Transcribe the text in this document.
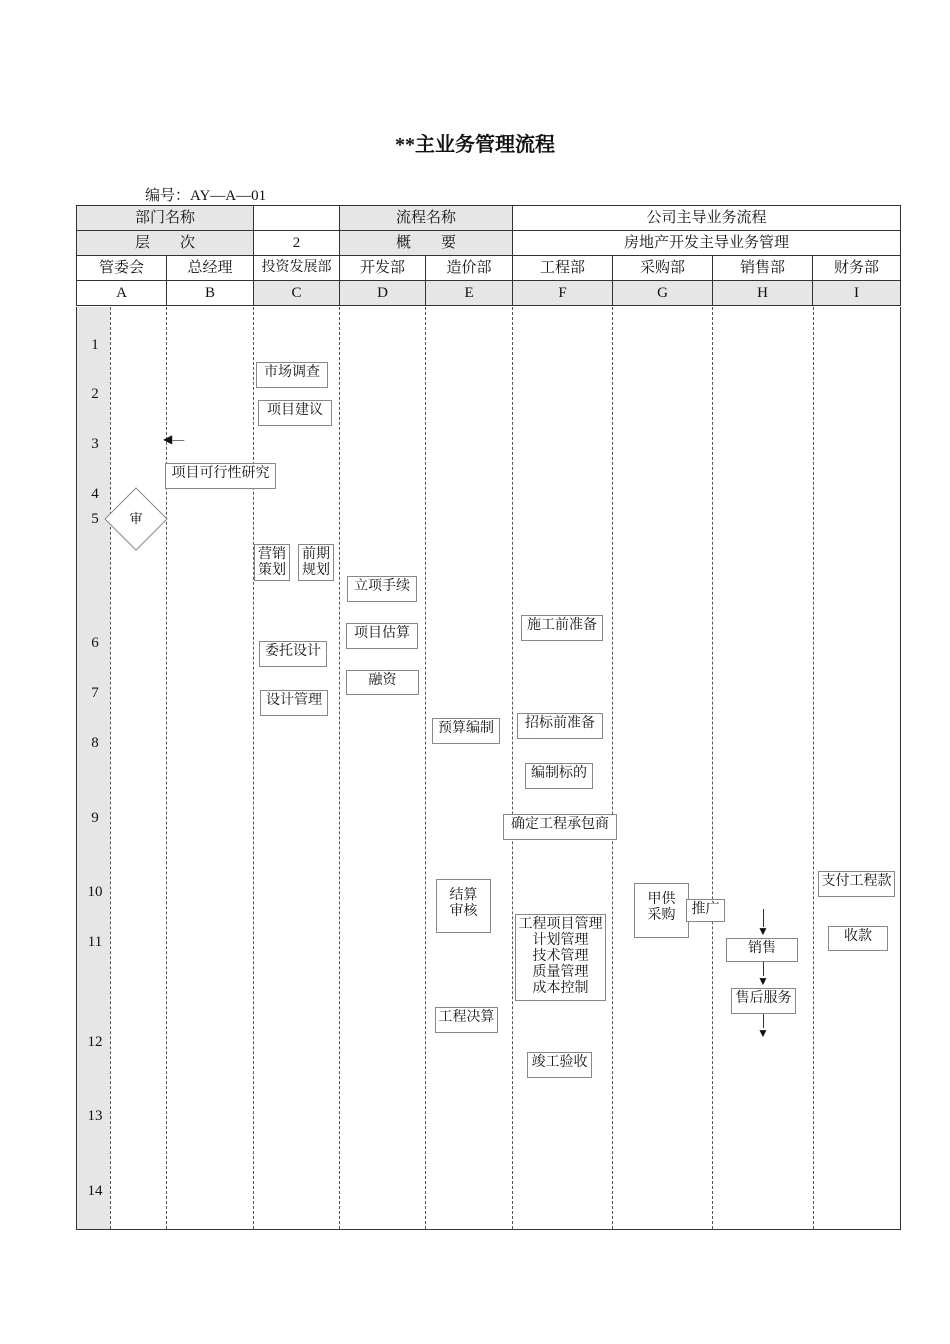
**主业务管理流程
编号：AY—A—01
部门名称			流程名称		公司主导业务流程			
层　　次		2	概　　要		房地产开发主导业务管理			
管委会	总经理	投资发展部	开发部	造价部	工程部	采购部	销售部	财务部
A	B	C	D	E	F	G	H	I
1
2
3
4
5
6
7
8
9
10
11
12
13
14
市场调查
项目建议
◀—
项目可行性研究
审
营销
策划
前期
规划
立项手续
项目估算
融资
委托设计
设计管理
预算编制
施工前准备
招标前准备
编制标的
确定工程承包商
结算
审核
工程决算
工程项目管理
计划管理
技术管理
质量管理
成本控制
竣工验收
甲供
采购	推广
▼
销售
▼
售后服务
▼
支付工程款
收款
